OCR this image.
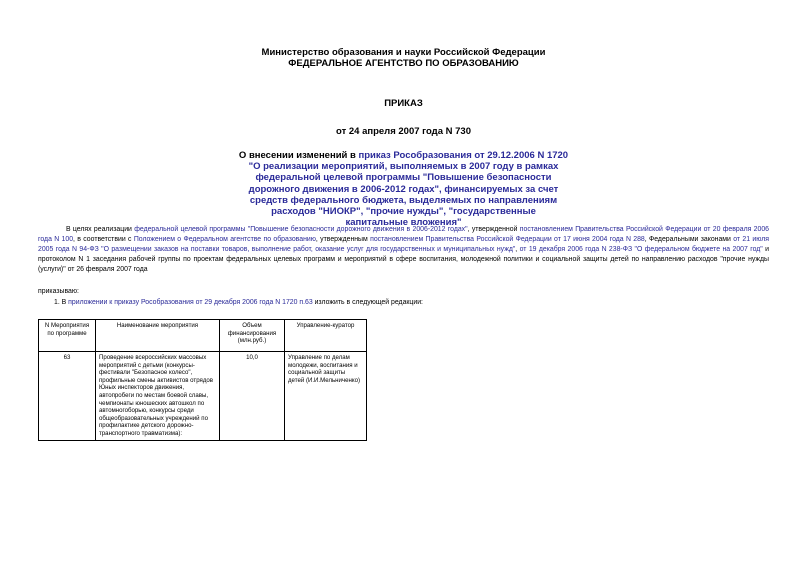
Министерство образования и науки Российской Федерации
ФЕДЕРАЛЬНОЕ АГЕНТСТВО ПО ОБРАЗОВАНИЮ
ПРИКАЗ
от 24 апреля 2007 года N 730
О внесении изменений в приказ Рособразования от 29.12.2006 N 1720
"О реализации мероприятий, выполняемых в 2007 году в рамках
федеральной целевой программы "Повышение безопасности
дорожного движения в 2006-2012 годах", финансируемых за счет
средств федерального бюджета, выделяемых по направлениям
расходов "НИОКР", "прочие нужды", "государственные
капитальные вложения"
В целях реализации федеральной целевой программы "Повышение безопасности дорожного движения в 2006-2012 годах", утвержденной постановлением Правительства Российской Федерации от 20 февраля 2006 года N 100, в соответствии с Положением о Федеральном агентстве по образованию, утвержденным постановлением Правительства Российской Федерации от 17 июня 2004 года N 288, Федеральными законами от 21 июля 2005 года N 94-ФЗ "О размещении заказов на поставки товаров, выполнение работ, оказание услуг для государственных и муниципальных нужд", от 19 декабря 2006 года N 238-ФЗ "О федеральном бюджете на 2007 год" и протоколом N 1 заседания рабочей группы по проектам федеральных целевых программ и мероприятий в сфере воспитания, молодежной политики и социальной защиты детей по направлению расходов "прочие нужды (услуги)" от 26 февраля 2007 года
приказываю:
1. В приложении к приказу Рособразования от 29 декабря 2006 года N 1720 п.63 изложить в следующей редакции:
N Мероприятия по программе	Наименование мероприятия	Объем финансирования (млн.руб.)	Управление-куратор
63	Проведение всероссийских массовых мероприятий с детьми (конкурсы-фестивали "Безопасное колесо", профильные смены активистов отрядов Юных инспекторов движения, автопробеги по местам боевой славы, чемпионаты юношеских автошкол по автомногоборью, конкурсы среди общеобразовательных учреждений по профилактике детского дорожно-транспортного травматизма):	10,0	Управление по делам молодежи, воспитания и социальной защиты детей (И.И.Мельниченко)
